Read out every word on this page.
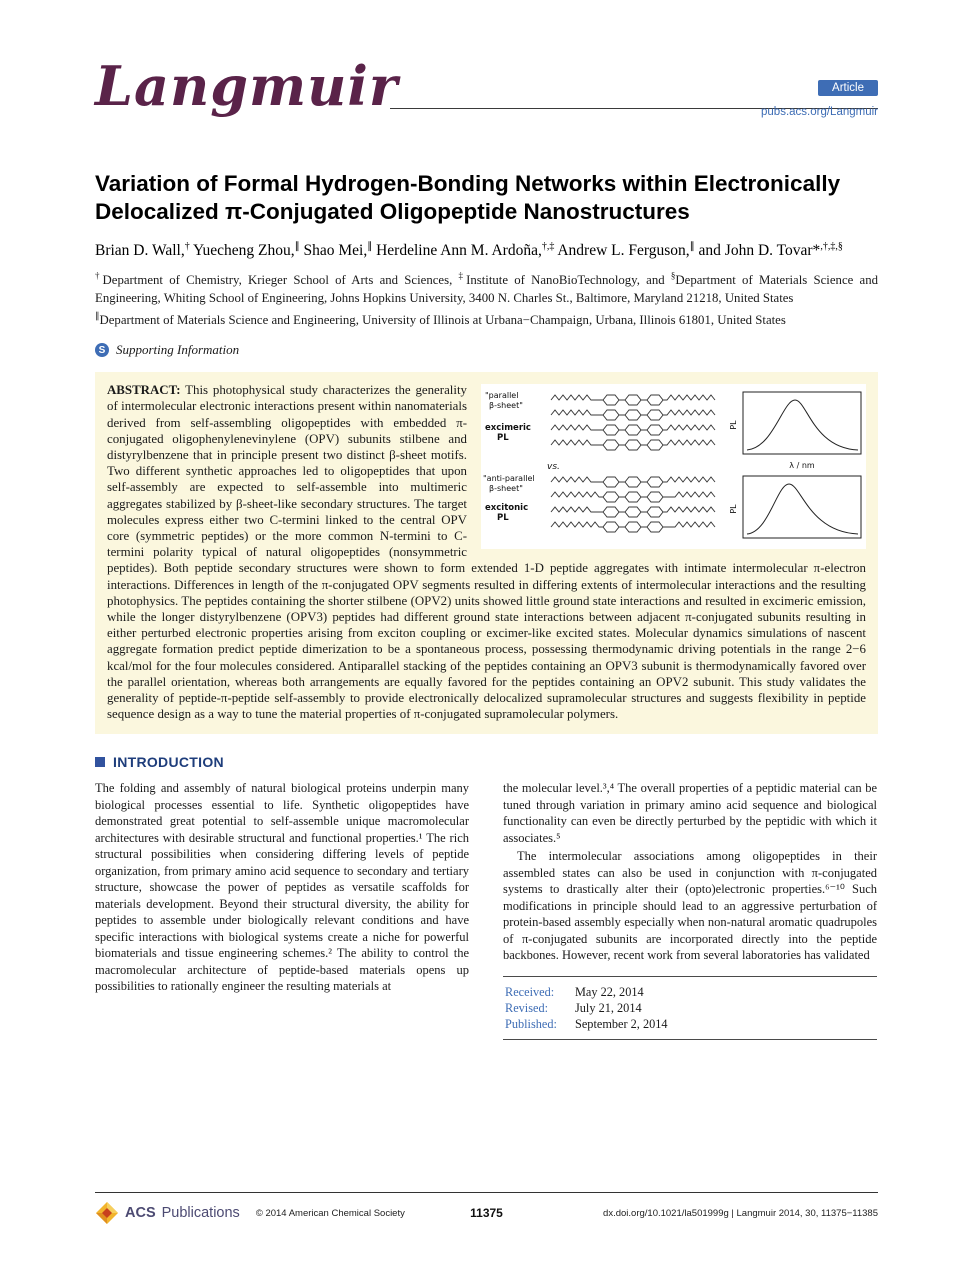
Langmuir	Article
pubs.acs.org/Langmuir
Variation of Formal Hydrogen-Bonding Networks within Electronically Delocalized π-Conjugated Oligopeptide Nanostructures

Brian D. Wall,† Yuecheng Zhou,∥ Shao Mei,∥ Herdeline Ann M. Ardoña,†,‡ Andrew L. Ferguson,∥ and John D. Tovar*,†,‡,§

†Department of Chemistry, Krieger School of Arts and Sciences, ‡Institute of NanoBioTechnology, and §Department of Materials Science and Engineering, Whiting School of Engineering, Johns Hopkins University, 3400 N. Charles St., Baltimore, Maryland 21218, United States

∥Department of Materials Science and Engineering, University of Illinois at Urbana−Champaign, Urbana, Illinois 61801, United States

S Supporting Information
"parallel
β-sheet"
excimeric
PL
vs.
"anti-parallel
β-sheet"
excitonic
PL
PL
PL
λ / nm

ABSTRACT: This photophysical study characterizes the generality of intermolecular electronic interactions present within nanomaterials derived from self-assembling oligopeptides with embedded π-conjugated oligophenylenevinylene (OPV) subunits stilbene and distyrylbenzene that in principle present two distinct β-sheet motifs. Two different synthetic approaches led to oligopeptides that upon self-assembly are expected to self-assemble into multimeric aggregates stabilized by β-sheet-like secondary structures. The target molecules express either two C-termini linked to the central OPV core (symmetric peptides) or the more common N-termini to C-termini polarity typical of natural oligopeptides (nonsymmetric peptides). Both peptide secondary structures were shown to form extended 1-D peptide aggregates with intimate intermolecular π-electron interactions. Differences in length of the π-conjugated OPV segments resulted in differing extents of intermolecular interactions and the resulting photophysics. The peptides containing the shorter stilbene (OPV2) units showed little ground state interactions and resulted in excimeric emission, while the longer distyrylbenzene (OPV3) peptides had different ground state interactions between adjacent π-conjugated subunits resulting in either perturbed electronic properties arising from exciton coupling or excimer-like excited states. Molecular dynamics simulations of nascent aggregate formation predict peptide dimerization to be a spontaneous process, possessing thermodynamic driving potentials in the range 2−6 kcal/mol for the four molecules considered. Antiparallel stacking of the peptides containing an OPV3 subunit is thermodynamically favored over the parallel orientation, whereas both arrangements are equally favored for the peptides containing an OPV2 subunit. This study validates the generality of peptide-π-peptide self-assembly to provide electronically delocalized supramolecular structures and suggests flexibility in peptide sequence design as a way to tune the material properties of π-conjugated supramolecular polymers.

INTRODUCTION

The folding and assembly of natural biological proteins underpin many biological processes essential to life. Synthetic oligopeptides have demonstrated great potential to self-assemble unique macromolecular architectures with desirable structural and functional properties.¹ The rich structural possibilities when considering differing levels of peptide organization, from primary amino acid sequence to secondary and tertiary structure, showcase the power of peptides as versatile scaffolds for materials development. Beyond their structural diversity, the ability for peptides to assemble under biologically relevant conditions and have specific interactions with biological systems create a niche for powerful biomaterials and tissue engineering schemes.² The ability to control the macromolecular architecture of peptide-based materials opens up possibilities to rationally engineer the resulting materials at

the molecular level.³,⁴ The overall properties of a peptidic material can be tuned through variation in primary amino acid sequence and biological functionality can even be directly perturbed by the peptidic with which it associates.⁵

The intermolecular associations among oligopeptides in their assembled states can also be used in conjunction with π-conjugated systems to drastically alter their (opto)electronic properties.⁶⁻¹⁰ Such modifications in principle should lead to an aggressive perturbation of protein-based assembly especially when non-natural aromatic quadrupoles of π-conjugated subunits are incorporated directly into the peptide backbones. However, recent work from several laboratories has validated

Received:	May 22, 2014
Revised:	July 21, 2014
Published:	September 2, 2014
ACS Publications © 2014 American Chemical Society	11375	dx.doi.org/10.1021/la501999g | Langmuir 2014, 30, 11375−11385
